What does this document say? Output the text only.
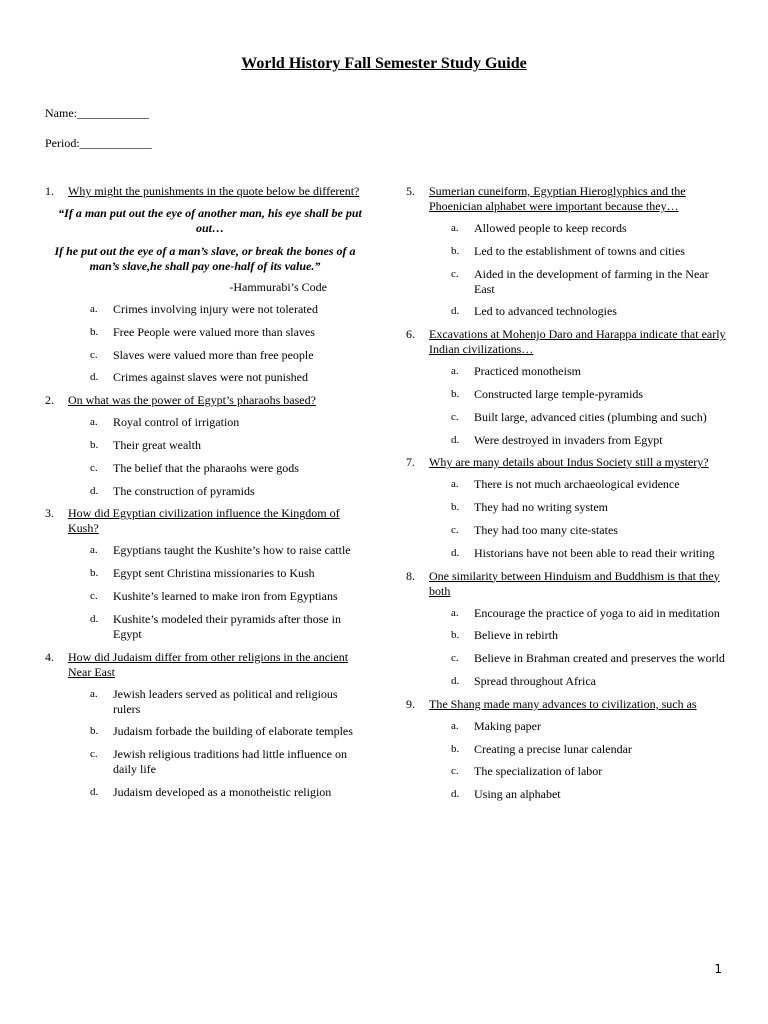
World History Fall Semester Study Guide
Name:____________
Period:____________
1. Why might the punishments in the quote below be different?
“If a man put out the eye of another man, his eye shall be put out…
If he put out the eye of a man’s slave, or break the bones of a man’s slave,he shall pay one-half of its value.”
-Hammurabi’s Code
a. Crimes involving injury were not tolerated
b. Free People were valued more than slaves
c. Slaves were valued more than free people
d. Crimes against slaves were not punished
2. On what was the power of Egypt’s pharaohs based?
a. Royal control of irrigation
b. Their great wealth
c. The belief that the pharaohs were gods
d. The construction of pyramids
3. How did Egyptian civilization influence the Kingdom of Kush?
a. Egyptians taught the Kushite’s how to raise cattle
b. Egypt sent Christina missionaries to Kush
c. Kushite’s learned to make iron from Egyptians
d. Kushite’s modeled their pyramids after those in Egypt
4. How did Judaism differ from other religions in the ancient Near East
a. Jewish leaders served as political and religious rulers
b. Judaism forbade the building of elaborate temples
c. Jewish religious traditions had little influence on daily life
d. Judaism developed as a monotheistic religion
5. Sumerian cuneiform, Egyptian Hieroglyphics and the Phoenician alphabet were important because they…
a. Allowed people to keep records
b. Led to the establishment of towns and cities
c. Aided in the development of farming in the Near East
d. Led to advanced technologies
6. Excavations at Mohenjo Daro and Harappa indicate that early Indian civilizations…
a. Practiced monotheism
b. Constructed large temple-pyramids
c. Built large, advanced cities (plumbing and such)
d. Were destroyed in invaders from Egypt
7. Why are many details about Indus Society still a mystery?
a. There is not much archaeological evidence
b. They had no writing system
c. They had too many cite-states
d. Historians have not been able to read their writing
8. One similarity between Hinduism and Buddhism is that they both
a. Encourage the practice of yoga to aid in meditation
b. Believe in rebirth
c. Believe in Brahman created and preserves the world
d. Spread throughout Africa
9. The Shang made many advances to civilization, such as
a. Making paper
b. Creating a precise lunar calendar
c. The specialization of labor
d. Using an alphabet
1
